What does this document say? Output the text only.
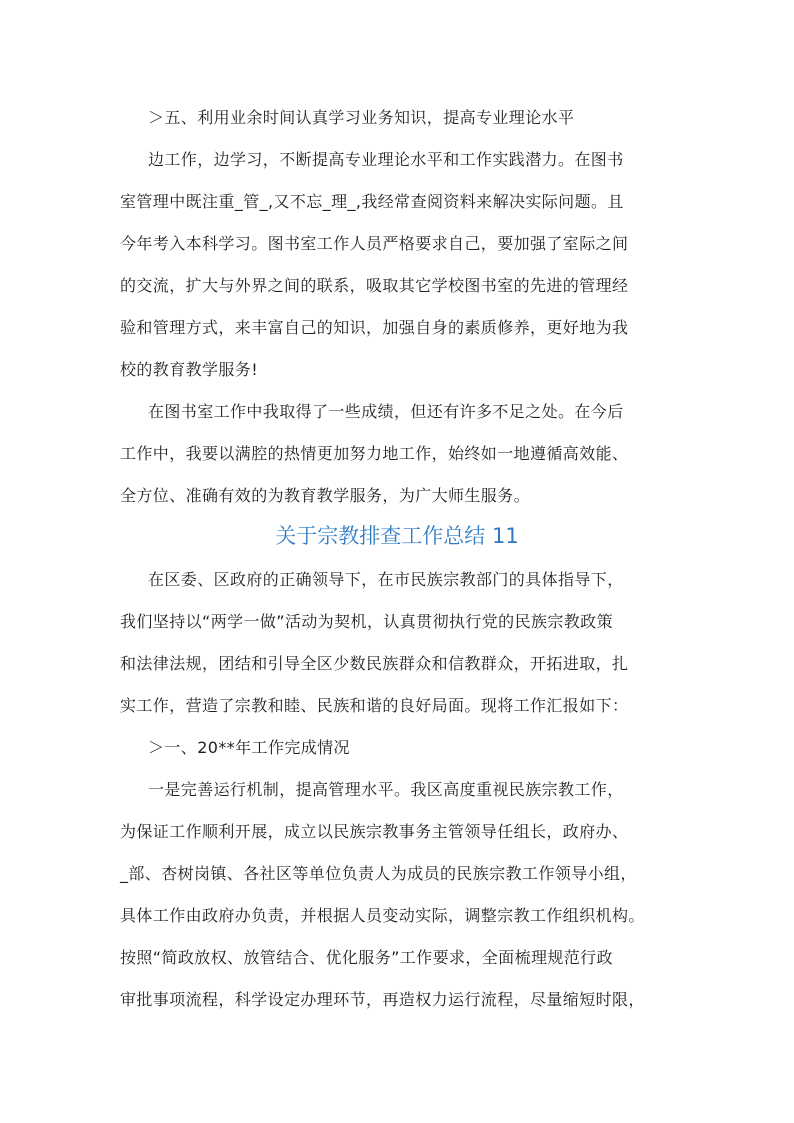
＞五、利用业余时间认真学习业务知识，提高专业理论水平
边工作，边学习，不断提高专业理论水平和工作实践潜力。在图书
室管理中既注重_管_,又不忘_理_,我经常查阅资料来解决实际问题。且
今年考入本科学习。图书室工作人员严格要求自己，要加强了室际之间
的交流，扩大与外界之间的联系，吸取其它学校图书室的先进的管理经
验和管理方式，来丰富自己的知识，加强自身的素质修养，更好地为我
校的教育教学服务!
在图书室工作中我取得了一些成绩，但还有许多不足之处。在今后
工作中，我要以满腔的热情更加努力地工作，始终如一地遵循高效能、
全方位、准确有效的为教育教学服务，为广大师生服务。
关于宗教排查工作总结 11
在区委、区政府的正确领导下，在市民族宗教部门的具体指导下，
我们坚持以“两学一做”活动为契机，认真贯彻执行党的民族宗教政策
和法律法规，团结和引导全区少数民族群众和信教群众，开拓进取，扎
实工作，营造了宗教和睦、民族和谐的良好局面。现将工作汇报如下：
＞一、20**年工作完成情况
一是完善运行机制，提高管理水平。我区高度重视民族宗教工作，
为保证工作顺利开展，成立以民族宗教事务主管领导任组长，政府办、
_部、杏树岗镇、各社区等单位负责人为成员的民族宗教工作领导小组，
具体工作由政府办负责，并根据人员变动实际，调整宗教工作组织机构。
按照“简政放权、放管结合、优化服务”工作要求，全面梳理规范行政
审批事项流程，科学设定办理环节，再造权力运行流程，尽量缩短时限，
